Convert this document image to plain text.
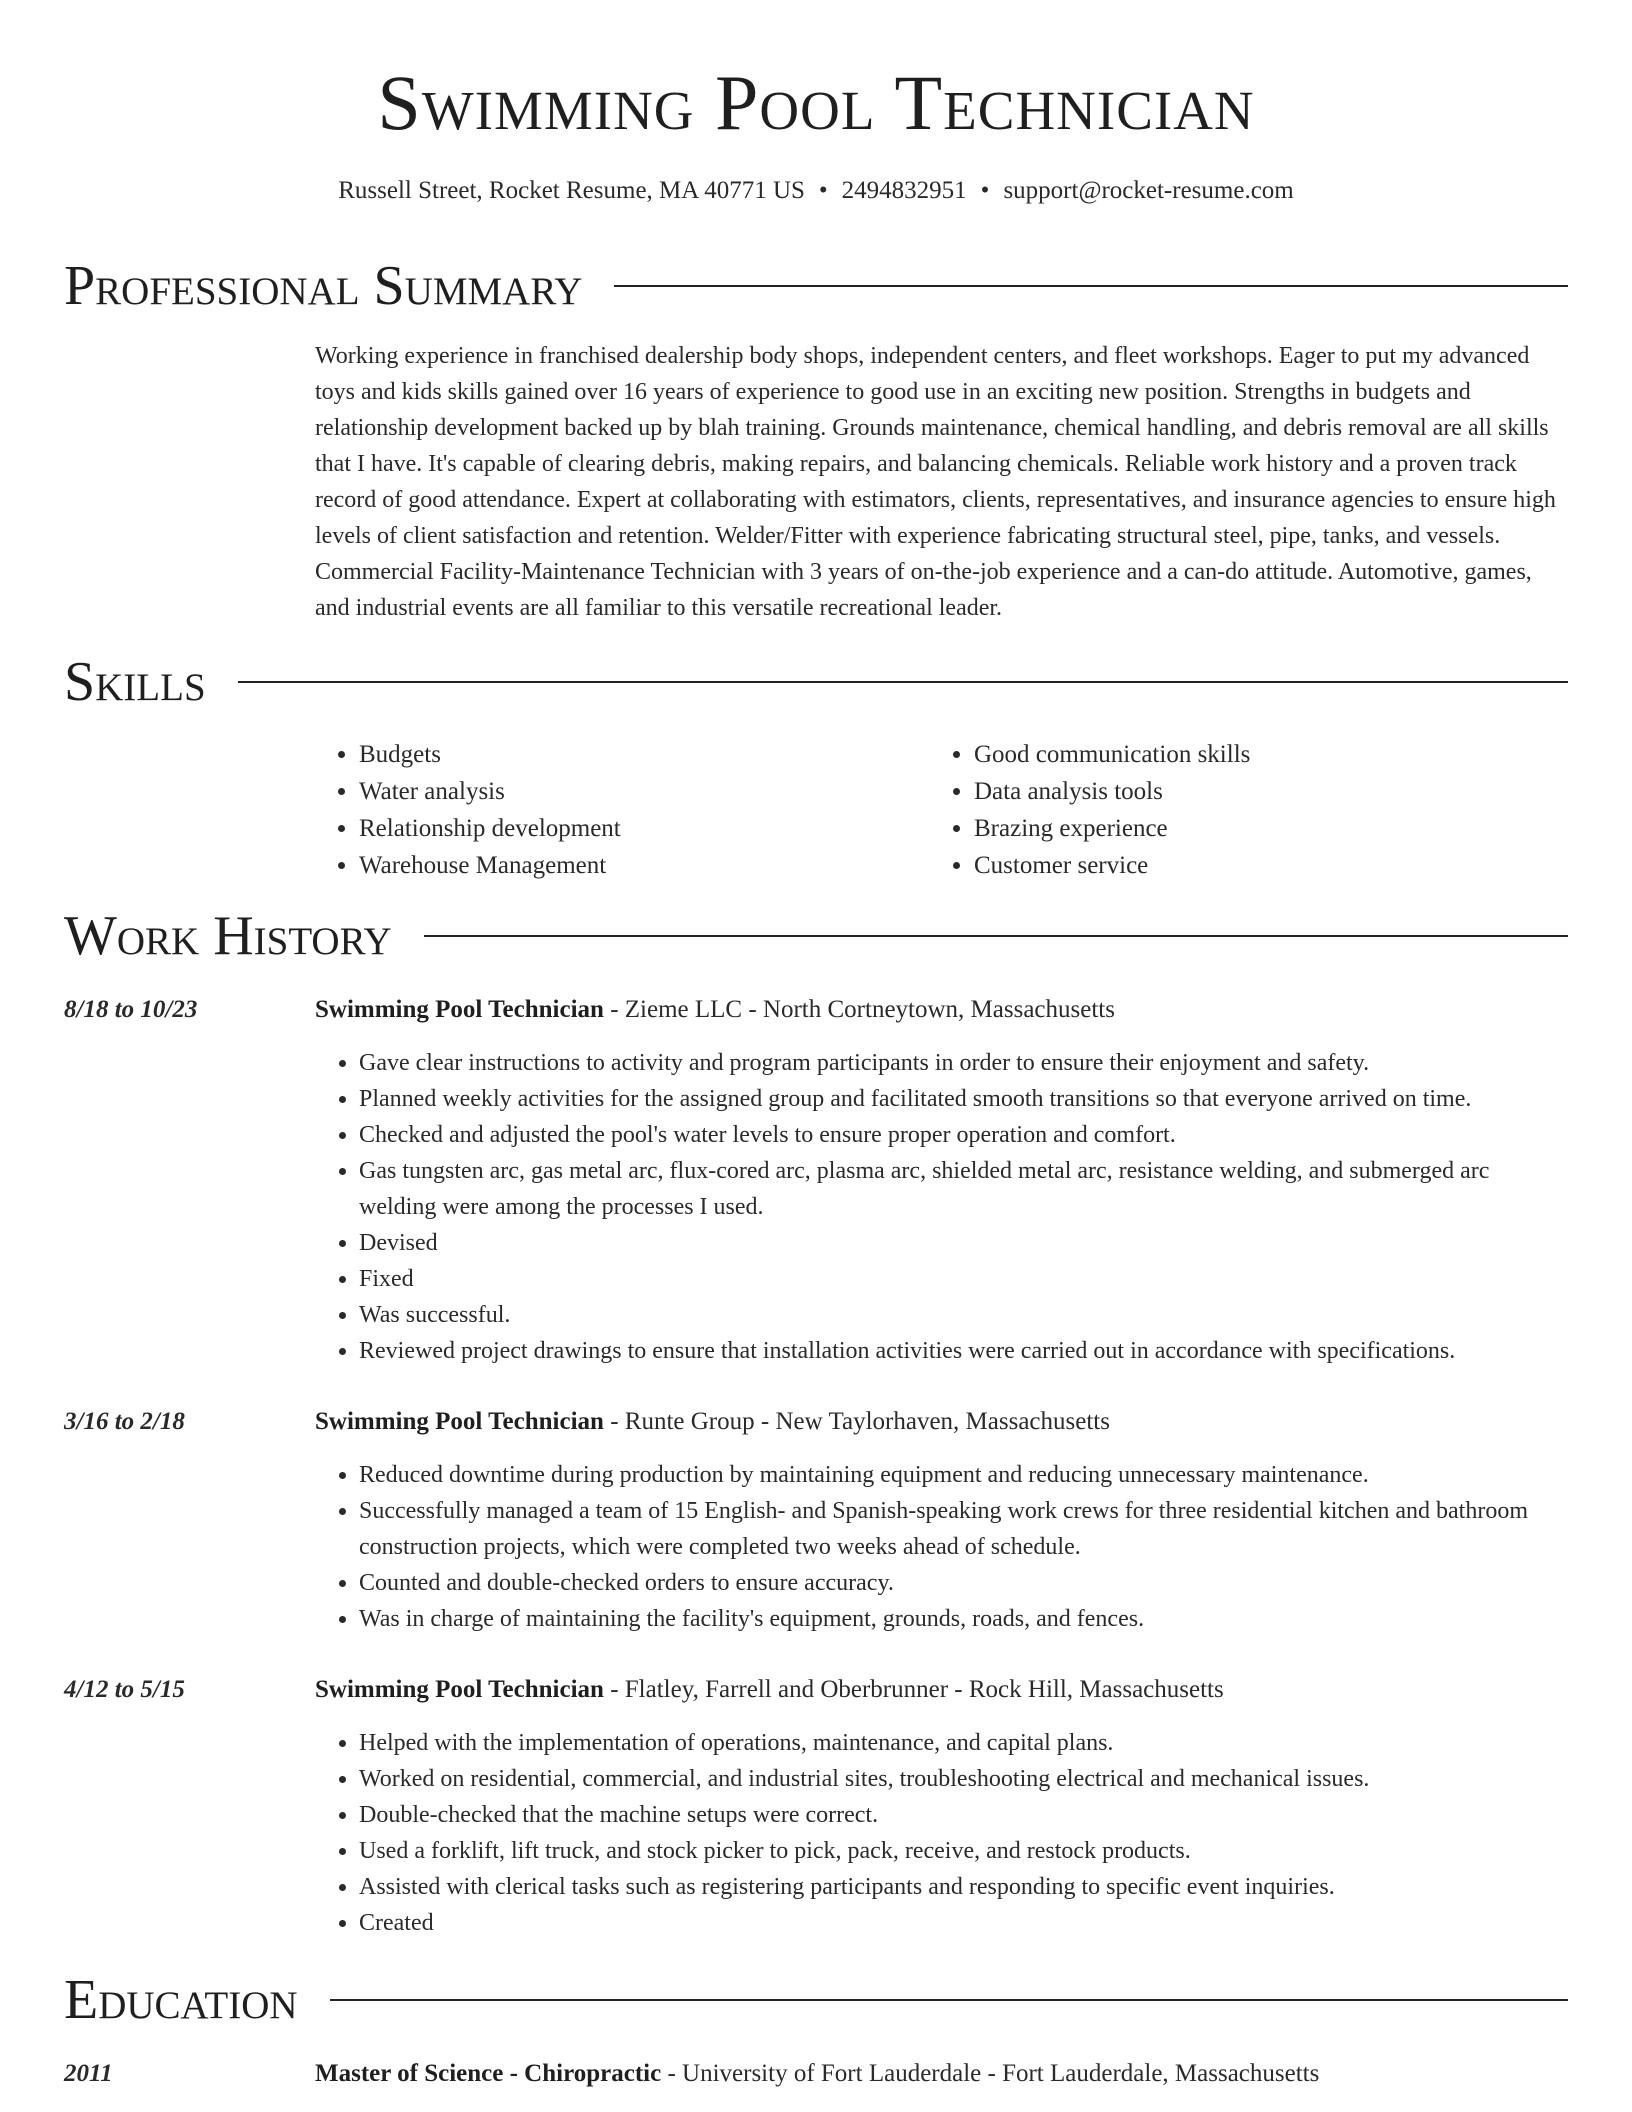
Swimming Pool Technician
Russell Street, Rocket Resume, MA 40771 US • 2494832951 • support@rocket-resume.com
Professional Summary
Working experience in franchised dealership body shops, independent centers, and fleet workshops. Eager to put my advanced toys and kids skills gained over 16 years of experience to good use in an exciting new position. Strengths in budgets and relationship development backed up by blah training. Grounds maintenance, chemical handling, and debris removal are all skills that I have. It's capable of clearing debris, making repairs, and balancing chemicals. Reliable work history and a proven track record of good attendance. Expert at collaborating with estimators, clients, representatives, and insurance agencies to ensure high levels of client satisfaction and retention. Welder/Fitter with experience fabricating structural steel, pipe, tanks, and vessels. Commercial Facility-Maintenance Technician with 3 years of on-the-job experience and a can-do attitude. Automotive, games, and industrial events are all familiar to this versatile recreational leader.
Skills
• Budgets
• Water analysis
• Relationship development
• Warehouse Management
• Good communication skills
• Data analysis tools
• Brazing experience
• Customer service
Work History
8/18 to 10/23	Swimming Pool Technician - Zieme LLC - North Cortneytown, Massachusetts
• Gave clear instructions to activity and program participants in order to ensure their enjoyment and safety.
• Planned weekly activities for the assigned group and facilitated smooth transitions so that everyone arrived on time.
• Checked and adjusted the pool's water levels to ensure proper operation and comfort.
• Gas tungsten arc, gas metal arc, flux-cored arc, plasma arc, shielded metal arc, resistance welding, and submerged arc welding were among the processes I used.
• Devised
• Fixed
• Was successful.
• Reviewed project drawings to ensure that installation activities were carried out in accordance with specifications.
3/16 to 2/18	Swimming Pool Technician - Runte Group - New Taylorhaven, Massachusetts
• Reduced downtime during production by maintaining equipment and reducing unnecessary maintenance.
• Successfully managed a team of 15 English- and Spanish-speaking work crews for three residential kitchen and bathroom construction projects, which were completed two weeks ahead of schedule.
• Counted and double-checked orders to ensure accuracy.
• Was in charge of maintaining the facility's equipment, grounds, roads, and fences.
4/12 to 5/15	Swimming Pool Technician - Flatley, Farrell and Oberbrunner - Rock Hill, Massachusetts
• Helped with the implementation of operations, maintenance, and capital plans.
• Worked on residential, commercial, and industrial sites, troubleshooting electrical and mechanical issues.
• Double-checked that the machine setups were correct.
• Used a forklift, lift truck, and stock picker to pick, pack, receive, and restock products.
• Assisted with clerical tasks such as registering participants and responding to specific event inquiries.
• Created
Education
2011	Master of Science - Chiropractic - University of Fort Lauderdale - Fort Lauderdale, Massachusetts
